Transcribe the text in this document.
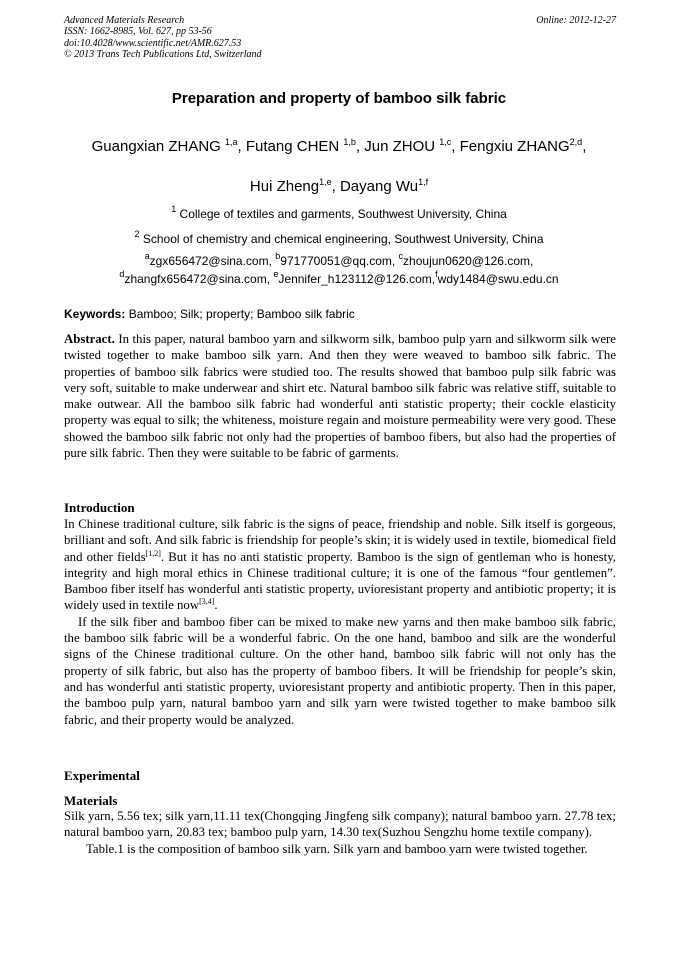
Advanced Materials Research
ISSN: 1662-8985, Vol. 627, pp 53-56
doi:10.4028/www.scientific.net/AMR.627.53
© 2013 Trans Tech Publications Ltd, Switzerland
Online: 2012-12-27
Preparation and property of bamboo silk fabric
Guangxian ZHANG $^{1,a}$, Futang CHEN $^{1,b}$, Jun ZHOU $^{1,c}$, Fengxiu ZHANG$^{2,d}$,
Hui Zheng$^{1,e}$, Dayang Wu$^{1,f}$
$^1$ College of textiles and garments, Southwest University, China
$^2$ School of chemistry and chemical engineering, Southwest University, China
$^a$zgx656472@sina.com, $^b$971770051@qq.com, $^c$zhoujun0620@126.com,
$^d$zhangfx656472@sina.com, $^e$Jennifer_h123112@126.com,$^f$wdy1484@swu.edu.cn
Keywords: Bamboo; Silk; property; Bamboo silk fabric

Abstract. In this paper, natural bamboo yarn and silkworm silk, bamboo pulp yarn and silkworm silk were twisted together to make bamboo silk yarn. And then they were weaved to bamboo silk fabric. The properties of bamboo silk fabrics were studied too. The results showed that bamboo pulp silk fabric was very soft, suitable to make underwear and shirt etc. Natural bamboo silk fabric was relative stiff, suitable to make outwear. All the bamboo silk fabric had wonderful anti statistic property; their cockle elasticity property was equal to silk; the whiteness, moisture regain and moisture permeability were very good. These showed the bamboo silk fabric not only had the properties of bamboo fibers, but also had the properties of pure silk fabric. Then they were suitable to be fabric of garments.

Introduction

In Chinese traditional culture, silk fabric is the signs of peace, friendship and noble. Silk itself is gorgeous, brilliant and soft. And silk fabric is friendship for people’s skin; it is widely used in textile, biomedical field and other fields[1,2]. But it has no anti statistic property. Bamboo is the sign of gentleman who is honesty, integrity and high moral ethics in Chinese traditional culture; it is one of the famous “four gentlemen”. Bamboo fiber itself has wonderful anti statistic property, uvioresistant property and antibiotic property; it is widely used in textile now[3,4].

If the silk fiber and bamboo fiber can be mixed to make new yarns and then make bamboo silk fabric, the bamboo silk fabric will be a wonderful fabric. On the one hand, bamboo and silk are the wonderful signs of the Chinese traditional culture. On the other hand, bamboo silk fabric will not only has the property of silk fabric, but also has the property of bamboo fibers. It will be friendship for people’s skin, and has wonderful anti statistic property, uvioresistant property and antibiotic property. Then in this paper, the bamboo pulp yarn, natural bamboo yarn and silk yarn were twisted together to make bamboo silk fabric, and their property would be analyzed.

Experimental
Materials

Silk yarn, 5.56 tex; silk yarn,11.11 tex(Chongqing Jingfeng silk company); natural bamboo yarn. 27.78 tex; natural bamboo yarn, 20.83 tex; bamboo pulp yarn, 14.30 tex(Suzhou Sengzhu home textile company).

Table.1 is the composition of bamboo silk yarn. Silk yarn and bamboo yarn were twisted together.
